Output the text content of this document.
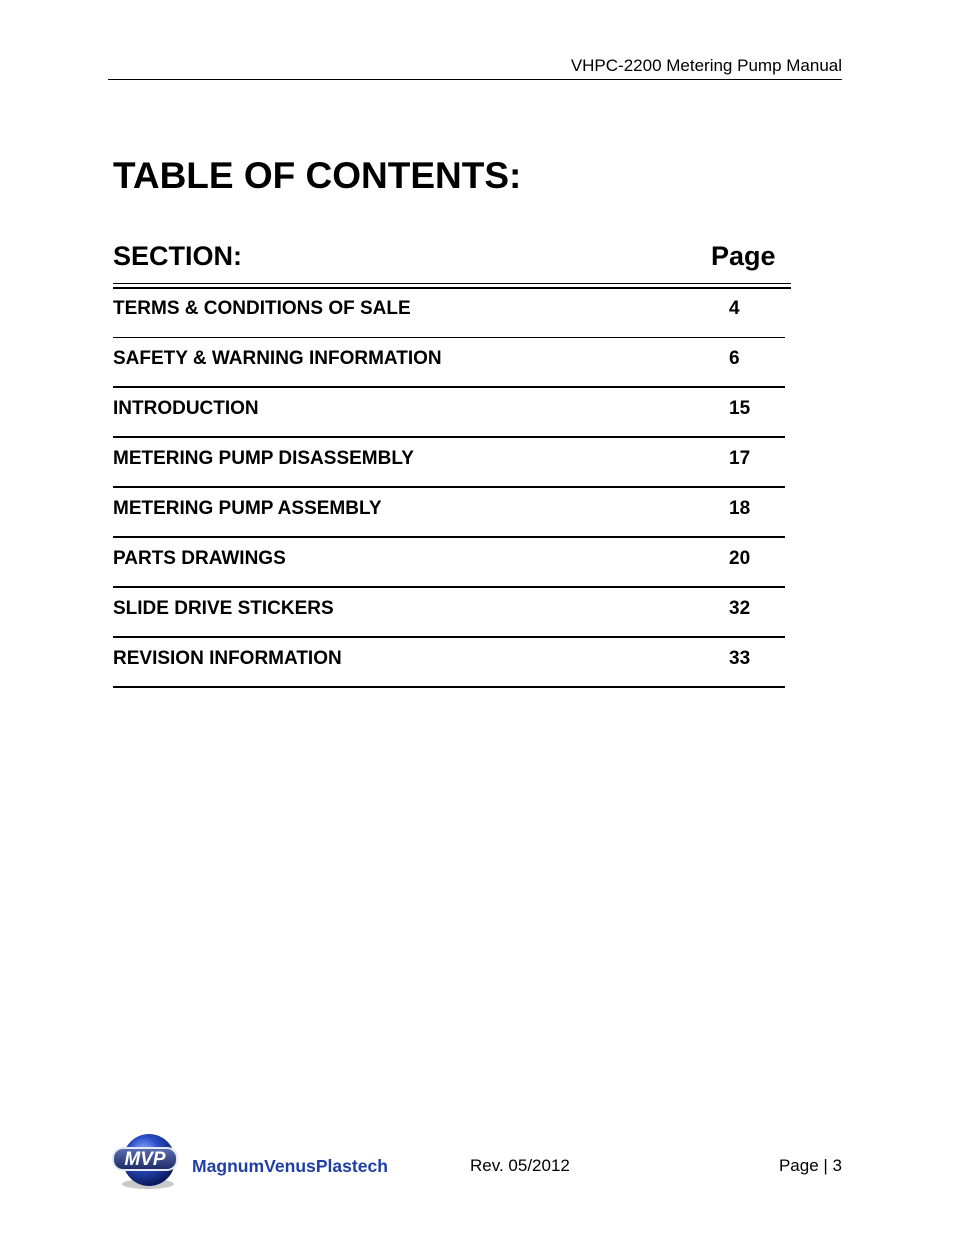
VHPC-2200 Metering Pump Manual
TABLE OF CONTENTS:
SECTION:	Page
TERMS & CONDITIONS OF SALE	4
SAFETY & WARNING INFORMATION	6
INTRODUCTION	15
METERING PUMP DISASSEMBLY	17
METERING PUMP ASSEMBLY	18
PARTS DRAWINGS	20
SLIDE DRIVE STICKERS	32
REVISION INFORMATION	33
MVP MagnumVenusPlastech	Rev. 05/2012	Page | 3
